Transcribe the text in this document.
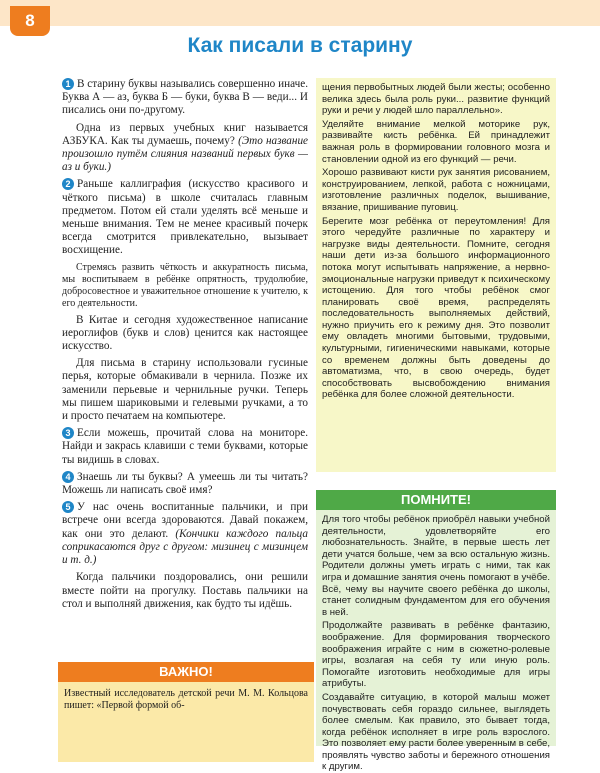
8
Как писали в старину

1 В старину буквы назывались совершенно иначе. Буква А — аз, буква Б — буки, буква В — веди... И писались они по-другому.

Одна из первых учебных книг называется АЗБУКА. Как ты думаешь, почему? (Это название произошло путём слияния названий первых букв — аз и буки.)

2 Раньше каллиграфия (искусство красивого и чёткого письма) в школе считалась главным предметом. Потом ей стали уделять всё меньше и меньше внимания. Тем не менее красивый почерк всегда смотрится привлекательно, вызывает восхищение.

Стремясь развить чёткость и аккуратность письма, мы воспитываем в ребёнке опрятность, трудолюбие, добросовестное и уважительное отношение к учителю, к его деятельности.

В Китае и сегодня художественное написание иероглифов (букв и слов) ценится как настоящее искусство.

Для письма в старину использовали гусиные перья, которые обмакивали в чернила. Позже их заменили перьевые и чернильные ручки. Теперь мы пишем шариковыми и гелевыми ручками, а то и просто печатаем на компьютере.

3 Если можешь, прочитай слова на мониторе. Найди и закрась клавиши с теми буквами, которые ты видишь в словах.

4 Знаешь ли ты буквы? А умеешь ли ты читать? Можешь ли написать своё имя?

5 У нас очень воспитанные пальчики, и при встрече они всегда здороваются. Давай покажем, как они это делают. (Кончики каждого пальца соприкасаются друг с другом: мизинец с мизинцем и т. д.)

Когда пальчики поздоровались, они решили вместе пойти на прогулку. Поставь пальчики на стол и выполняй движения, как будто ты идёшь.

ВАЖНО!
Известный исследователь детской речи М. М. Кольцова пишет: «Первой формой об-

щения первобытных людей были жесты; особенно велика здесь была роль руки... развитие функций руки и речи у людей шло параллельно».

Уделяйте внимание мелкой моторике рук, развивайте кисть ребёнка. Ей принадлежит важная роль в формировании головного мозга и становлении одной из его функций — речи.

Хорошо развивают кисти рук занятия рисованием, конструированием, лепкой, работа с ножницами, изготовление различных поделок, вышивание, вязание, пришивание пуговиц.

Берегите мозг ребёнка от переутомления! Для этого чередуйте различные по характеру и нагрузке виды деятельности. Помните, сегодня наши дети из-за большого информационного потока могут испытывать напряжение, а нервно-эмоциональные нагрузки приведут к психическому истощению. Для того чтобы ребёнок смог планировать своё время, распределять последовательность выполняемых действий, нужно приучить его к режиму дня. Это позволит ему овладеть многими бытовыми, трудовыми, культурными, гигиеническими навыками, которые со временем должны быть доведены до автоматизма, что, в свою очередь, будет способствовать высвобождению внимания ребёнка для более сложной деятельности.

ПОМНИТЕ!

Для того чтобы ребёнок приобрёл навыки учебной деятельности, удовлетворяйте его любознательность. Знайте, в первые шесть лет дети учатся больше, чем за всю остальную жизнь. Родители должны уметь играть с ними, так как игра и домашние занятия очень помогают в учёбе. Всё, чему вы научите своего ребёнка до школы, станет солидным фундаментом для его обучения в ней.

Продолжайте развивать в ребёнке фантазию, воображение. Для формирования творческого воображения играйте с ним в сюжетно-ролевые игры, возлагая на себя ту или иную роль. Помогайте изготовить необходимые для игры атрибуты.

Создавайте ситуацию, в которой малыш может почувствовать себя гораздо сильнее, выглядеть более смелым. Как правило, это бывает тогда, когда ребёнок исполняет в игре роль взрослого. Это позволяет ему расти более уверенным в себе, проявлять чувство заботы и бережного отношения к другим.
